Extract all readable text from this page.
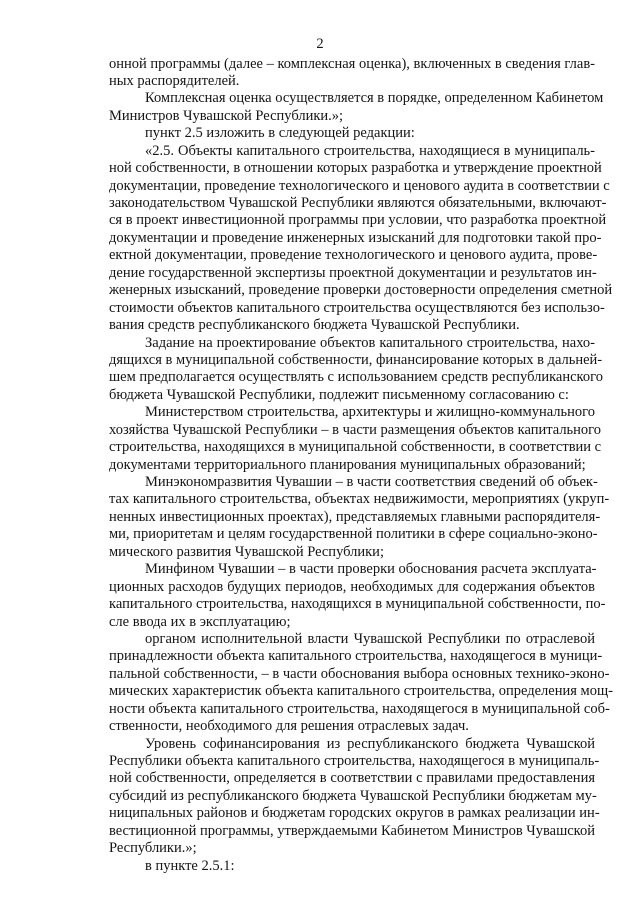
2
онной программы (далее – комплексная оценка), включенных в сведения глав-
ных распорядителей.
Комплексная оценка осуществляется в порядке, определенном Кабинетом
Министров Чувашской Республики.»;
пункт 2.5 изложить в следующей редакции:
«2.5. Объекты капитального строительства, находящиеся в муниципаль-
ной собственности, в отношении которых разработка и утверждение проектной
документации, проведение технологического и ценового аудита в соответствии с
законодательством Чувашской Республики являются обязательными, включают-
ся в проект инвестиционной программы при условии, что разработка проектной
документации и проведение инженерных изысканий для подготовки такой про-
ектной документации, проведение технологического и ценового аудита, прове-
дение государственной экспертизы проектной документации и результатов ин-
женерных изысканий, проведение проверки достоверности определения сметной
стоимости объектов капитального строительства осуществляются без использо-
вания средств республиканского бюджета Чувашской Республики.
Задание на проектирование объектов капитального строительства, нахо-
дящихся в муниципальной собственности, финансирование которых в дальней-
шем предполагается осуществлять с использованием средств республиканского
бюджета Чувашской Республики, подлежит письменному согласованию с:
Министерством строительства, архитектуры и жилищно-коммунального
хозяйства Чувашской Республики – в части размещения объектов капитального
строительства, находящихся в муниципальной собственности, в соответствии с
документами территориального планирования муниципальных образований;
Минэкономразвития Чувашии – в части соответствия сведений об объек-
тах капитального строительства, объектах недвижимости, мероприятиях (укруп-
ненных инвестиционных проектах), представляемых главными распорядителя-
ми, приоритетам и целям государственной политики в сфере социально-эконо-
мического развития Чувашской Республики;
Минфином Чувашии – в части проверки обоснования расчета эксплуата-
ционных расходов будущих периодов, необходимых для содержания объектов
капитального строительства, находящихся в муниципальной собственности, по-
сле ввода их в эксплуатацию;
органом исполнительной власти Чувашской Республики по отраслевой
принадлежности объекта капитального строительства, находящегося в муници-
пальной собственности, – в части обоснования выбора основных технико-эконо-
мических характеристик объекта капитального строительства, определения мощ-
ности объекта капитального строительства, находящегося в муниципальной соб-
ственности, необходимого для решения отраслевых задач.
Уровень софинансирования из республиканского бюджета Чувашской
Республики объекта капитального строительства, находящегося в муниципаль-
ной собственности, определяется в соответствии с правилами предоставления
субсидий из республиканского бюджета Чувашской Республики бюджетам му-
ниципальных районов и бюджетам городских округов в рамках реализации ин-
вестиционной программы, утверждаемыми Кабинетом Министров Чувашской
Республики.»;
в пункте 2.5.1:
